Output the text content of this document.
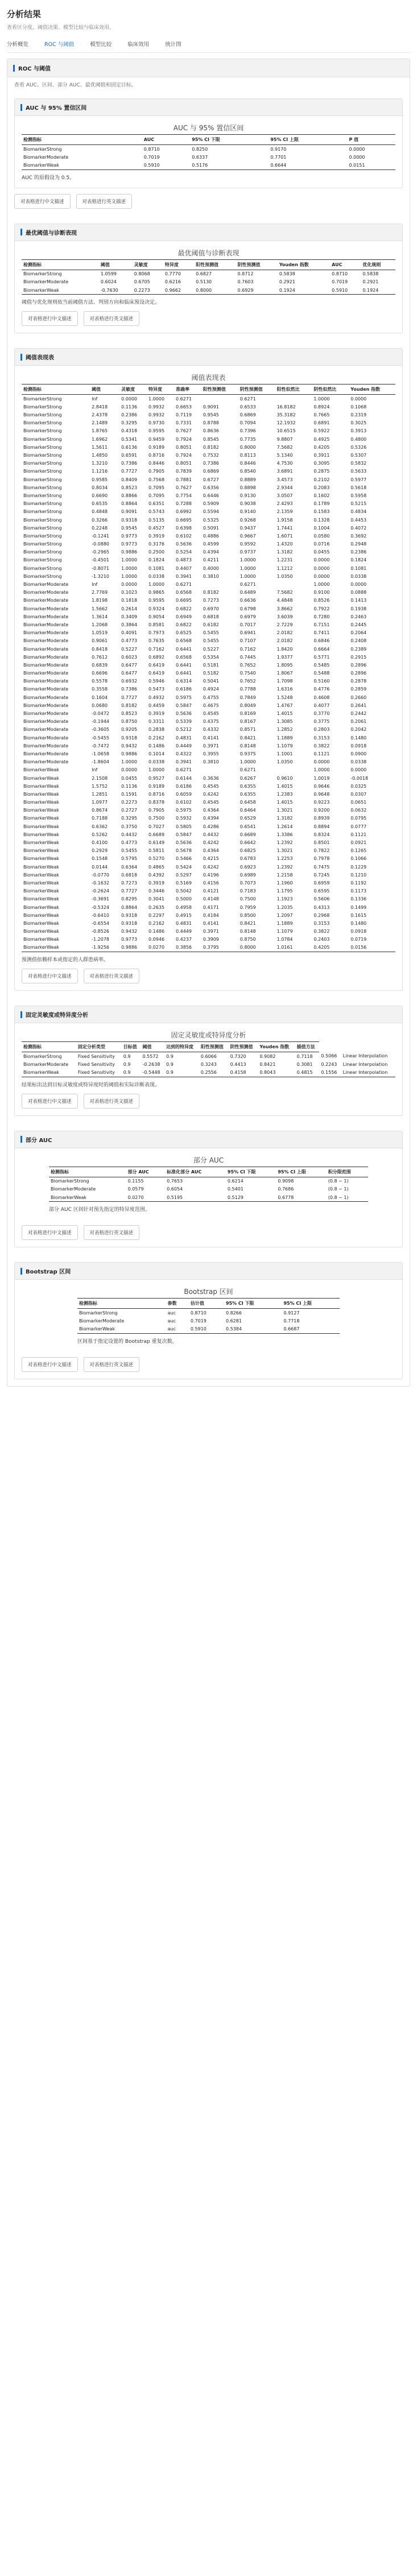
分析结果
查看区分度、阈值决策、模型比较与临床效用。
分析概览	ROC 与阈值	模型比较	临床效用	统计图
ROC 与阈值
查看 AUC、区间、部分 AUC、最优阈值和固定目标。
AUC 与 95% 置信区间
AUC 与 95% 置信区间
检测指标	AUC	95% CI 下限	95% CI 上限	P 值
BiomarkerStrong	0.8710	0.8250	0.9170	0.0000
BiomarkerModerate	0.7019	0.6337	0.7701	0.0000
BiomarkerWeak	0.5910	0.5176	0.6644	0.0151
AUC 的原假设为 0.5。
对表格进行中文描述	对表格进行英文描述
最优阈值与诊断表现
最优阈值与诊断表现
检测指标	阈值	灵敏度	特异度	阳性预测值	阴性预测值	Youden 指数	AUC	优化规则
BiomarkerStrong	1.0599	0.8068	0.7770	0.6827	0.8712	0.5838	0.8710	0.5838
BiomarkerModerate	0.6024	0.6705	0.6216	0.5130	0.7603	0.2921	0.7019	0.2921
BiomarkerWeak	-0.7630	0.2273	0.9662	0.8000	0.6929	0.1924	0.5910	0.1924
阈值与优化规则依当前阈值方法、判别方向和临床预设决定。
对表格进行中文描述	对表格进行英文描述
阈值表现表
阈值表现表
检测指标	阈值	灵敏度	特异度	准确率	阳性预测值	阴性预测值	阳性似然比	阴性似然比	Youden 指数
BiomarkerStrong	Inf	0.0000	1.0000	0.6271		0.6271		1.0000	0.0000
BiomarkerStrong	2.8418	0.1136	0.9932	0.6653	0.9091	0.6533	16.8182	0.8924	0.1068
BiomarkerStrong	2.4378	0.2386	0.9932	0.7119	0.9545	0.6869	35.3182	0.7665	0.2319
BiomarkerStrong	2.1489	0.3295	0.9730	0.7331	0.8788	0.7094	12.1932	0.6891	0.3025
BiomarkerStrong	1.8765	0.4318	0.9595	0.7627	0.8636	0.7396	10.6515	0.5922	0.3913
BiomarkerStrong	1.6962	0.5341	0.9459	0.7924	0.8545	0.7735	9.8807	0.4925	0.4800
BiomarkerStrong	1.5611	0.6136	0.9189	0.8051	0.8182	0.8000	7.5682	0.4205	0.5326
BiomarkerStrong	1.4850	0.6591	0.8716	0.7924	0.7532	0.8113	5.1340	0.3911	0.5307
BiomarkerStrong	1.3210	0.7386	0.8446	0.8051	0.7386	0.8446	4.7530	0.3095	0.5832
BiomarkerStrong	1.1216	0.7727	0.7905	0.7839	0.6869	0.8540	3.6891	0.2875	0.5633
BiomarkerStrong	0.9585	0.8409	0.7568	0.7881	0.6727	0.8889	3.4573	0.2102	0.5977
BiomarkerStrong	0.8034	0.8523	0.7095	0.7627	0.6356	0.8898	2.9344	0.2083	0.5618
BiomarkerStrong	0.6690	0.8866	0.7095	0.7754	0.6446	0.9130	3.0507	0.1602	0.5958
BiomarkerStrong	0.6535	0.8864	0.6351	0.7288	0.5909	0.9038	2.4293	0.1789	0.5215
BiomarkerStrong	0.4848	0.9091	0.5743	0.6992	0.5594	0.9140	2.1359	0.1583	0.4834
BiomarkerStrong	0.3266	0.9318	0.5135	0.6695	0.5325	0.9268	1.9158	0.1328	0.4453
BiomarkerStrong	0.2248	0.9545	0.4527	0.6398	0.5091	0.9437	1.7441	0.1004	0.4072
BiomarkerStrong	-0.1241	0.9773	0.3919	0.6102	0.4886	0.9667	1.6071	0.0580	0.3692
BiomarkerStrong	-0.0880	0.9773	0.3176	0.5636	0.4599	0.9592	1.4320	0.0716	0.2948
BiomarkerStrong	-0.2965	0.9886	0.2500	0.5254	0.4394	0.9737	1.3182	0.0455	0.2386
BiomarkerStrong	-0.4501	1.0000	0.1824	0.4873	0.4211	1.0000	1.2231	0.0000	0.1824
BiomarkerStrong	-0.8071	1.0000	0.1081	0.4407	0.4000	1.0000	1.1212	0.0000	0.1081
BiomarkerStrong	-1.3210	1.0000	0.0338	0.3941	0.3810	1.0000	1.0350	0.0000	0.0338
BiomarkerModerate	Inf	0.0000	1.0000	0.6271		0.6271		1.0000	0.0000
BiomarkerModerate	2.7769	0.1023	0.9865	0.6568	0.8182	0.6489	7.5682	0.9100	0.0888
BiomarkerModerate	1.8198	0.1818	0.9595	0.6695	0.7273	0.6636	4.4848	0.8526	0.1413
BiomarkerModerate	1.5662	0.2614	0.9324	0.6822	0.6970	0.6798	3.8662	0.7922	0.1938
BiomarkerModerate	1.3614	0.3409	0.9054	0.6949	0.6818	0.6979	3.6039	0.7280	0.2463
BiomarkerModerate	1.2068	0.3864	0.8581	0.6822	0.6182	0.7017	2.7229	0.7151	0.2445
BiomarkerModerate	1.0519	0.4091	0.7973	0.6525	0.5455	0.6941	2.0182	0.7411	0.2064
BiomarkerModerate	0.9061	0.4773	0.7635	0.6568	0.5455	0.7107	2.0182	0.6846	0.2408
BiomarkerModerate	0.8418	0.5227	0.7162	0.6441	0.5227	0.7162	1.8420	0.6664	0.2389
BiomarkerModerate	0.7612	0.6023	0.6892	0.6568	0.5354	0.7445	1.9377	0.5771	0.2915
BiomarkerModerate	0.6839	0.6477	0.6419	0.6441	0.5181	0.7652	1.8095	0.5485	0.2896
BiomarkerModerate	0.6696	0.6477	0.6419	0.6441	0.5182	0.7540	1.8067	0.5488	0.2896
BiomarkerModerate	0.5578	0.6932	0.5946	0.6314	0.5041	0.7652	1.7098	0.5160	0.2878
BiomarkerModerate	0.3558	0.7386	0.5473	0.6186	0.4924	0.7788	1.6316	0.4776	0.2859
BiomarkerModerate	0.1604	0.7727	0.4932	0.5975	0.4755	0.7849	1.5248	0.4608	0.2660
BiomarkerModerate	0.0680	0.8182	0.4459	0.5847	0.4675	0.8049	1.4767	0.4077	0.2641
BiomarkerModerate	-0.0472	0.8523	0.3919	0.5636	0.4545	0.8169	1.4015	0.3770	0.2442
BiomarkerModerate	-0.1944	0.8750	0.3311	0.5339	0.4375	0.8167	1.3085	0.3775	0.2061
BiomarkerModerate	-0.3605	0.9205	0.2838	0.5212	0.4332	0.8571	1.2852	0.2803	0.2042
BiomarkerModerate	-0.5455	0.9318	0.2162	0.4831	0.4141	0.8421	1.1889	0.3153	0.1480
BiomarkerModerate	-0.7472	0.9432	0.1486	0.4449	0.3971	0.8148	1.1079	0.3822	0.0918
BiomarkerModerate	-1.0658	0.9886	0.1014	0.4322	0.3955	0.9375	1.1001	0.1121	0.0900
BiomarkerModerate	-1.8604	1.0000	0.0338	0.3941	0.3810	1.0000	1.0350	0.0000	0.0338
BiomarkerWeak	Inf	0.0000	1.0000	0.6271		0.6271		1.0000	0.0000
BiomarkerWeak	2.1508	0.0455	0.9527	0.6144	0.3636	0.6267	0.9610	1.0019	-0.0018
BiomarkerWeak	1.5752	0.1136	0.9189	0.6186	0.4545	0.6355	1.4015	0.9646	0.0325
BiomarkerWeak	1.2851	0.1591	0.8716	0.6059	0.4242	0.6355	1.2383	0.9648	0.0307
BiomarkerWeak	1.0977	0.2273	0.8378	0.6102	0.4545	0.6458	1.4015	0.9223	0.0651
BiomarkerWeak	0.8674	0.2727	0.7905	0.5975	0.4364	0.6464	1.3021	0.9200	0.0632
BiomarkerWeak	0.7188	0.3295	0.7500	0.5932	0.4394	0.6529	1.3182	0.8939	0.0795
BiomarkerWeak	0.6362	0.3750	0.7027	0.5805	0.4286	0.6541	1.2614	0.8894	0.0777
BiomarkerWeak	0.5262	0.4432	0.6689	0.5847	0.4432	0.6689	1.3386	0.8324	0.1121
BiomarkerWeak	0.4100	0.4773	0.6149	0.5636	0.4242	0.6642	1.2392	0.8501	0.0921
BiomarkerWeak	0.2929	0.5455	0.5811	0.5678	0.4364	0.6825	1.3021	0.7822	0.1265
BiomarkerWeak	0.1548	0.5795	0.5270	0.5466	0.4215	0.6783	1.2253	0.7978	0.1066
BiomarkerWeak	0.0144	0.6364	0.4865	0.5424	0.4242	0.6923	1.2392	0.7475	0.1229
BiomarkerWeak	-0.0770	0.6818	0.4392	0.5297	0.4196	0.6989	1.2158	0.7245	0.1210
BiomarkerWeak	-0.1632	0.7273	0.3919	0.5169	0.4156	0.7073	1.1960	0.6959	0.1192
BiomarkerWeak	-0.2624	0.7727	0.3446	0.5042	0.4121	0.7183	1.1795	0.6595	0.1173
BiomarkerWeak	-0.3691	0.8295	0.3041	0.5000	0.4148	0.7500	1.1923	0.5606	0.1336
BiomarkerWeak	-0.5324	0.8864	0.2635	0.4958	0.4171	0.7959	1.2035	0.4313	0.1499
BiomarkerWeak	-0.6410	0.9318	0.2297	0.4915	0.4184	0.8500	1.2097	0.2968	0.1615
BiomarkerWeak	-0.6554	0.9318	0.2162	0.4831	0.4141	0.8421	1.1889	0.3153	0.1480
BiomarkerWeak	-0.8526	0.9432	0.1486	0.4449	0.3971	0.8148	1.1079	0.3822	0.0918
BiomarkerWeak	-1.2078	0.9773	0.0946	0.4237	0.3909	0.8750	1.0784	0.2403	0.0719
BiomarkerWeak	-1.9256	0.9886	0.0270	0.3856	0.3795	0.8000	1.0161	0.4205	0.0156
预测值依赖样本或指定的人群患病率。
对表格进行中文描述	对表格进行英文描述
固定灵敏度或特异度分析
固定灵敏度或特异度分析
检测指标	固定分析类型	目标值	阈值	达到的特异度	阳性预测值	阴性预测值	Youden 指数	插值方法		
BiomarkerStrong	Fixed Sensitivity	0.9	0.5572	0.9	0.6066	0.7320	0.9082	0.7118	0.5066	Linear Interpolation
BiomarkerModerate	Fixed Sensitivity	0.9	-0.2638	0.9	0.3243	0.4413	0.8421	0.3081	0.2243	Linear Interpolation
BiomarkerWeak	Fixed Sensitivity	0.9	-0.5448	0.9	0.2556	0.4158	0.8043	0.4815	0.1556	Linear Interpolation
结果标出达到目标灵敏度或特异度时的阈值和实际诊断表现。
对表格进行中文描述	对表格进行英文描述
部分 AUC
部分 AUC
检测指标	部分 AUC	标准化部分 AUC	95% CI 下限	95% CI 上限	积分限范围
BiomarkerStrong	0.1155	0.7653	0.6214	0.9098	(0.8 ~ 1)
BiomarkerModerate	0.0579	0.6054	0.5401	0.7686	(0.8 ~ 1)
BiomarkerWeak	0.0270	0.5195	0.5129	0.6778	(0.8 ~ 1)
部分 AUC 区间针对预先指定的特异度范围。
对表格进行中文描述	对表格进行英文描述
Bootstrap 区间
Bootstrap 区间
检测指标	参数	估计值	95% CI 下限	95% CI 上限
BiomarkerStrong	auc	0.8710	0.8266	0.9127
BiomarkerModerate	auc	0.7019	0.6281	0.7718
BiomarkerWeak	auc	0.5910	0.5384	0.6687
区间基于指定设置的 Bootstrap 重复次数。
对表格进行中文描述	对表格进行英文描述
